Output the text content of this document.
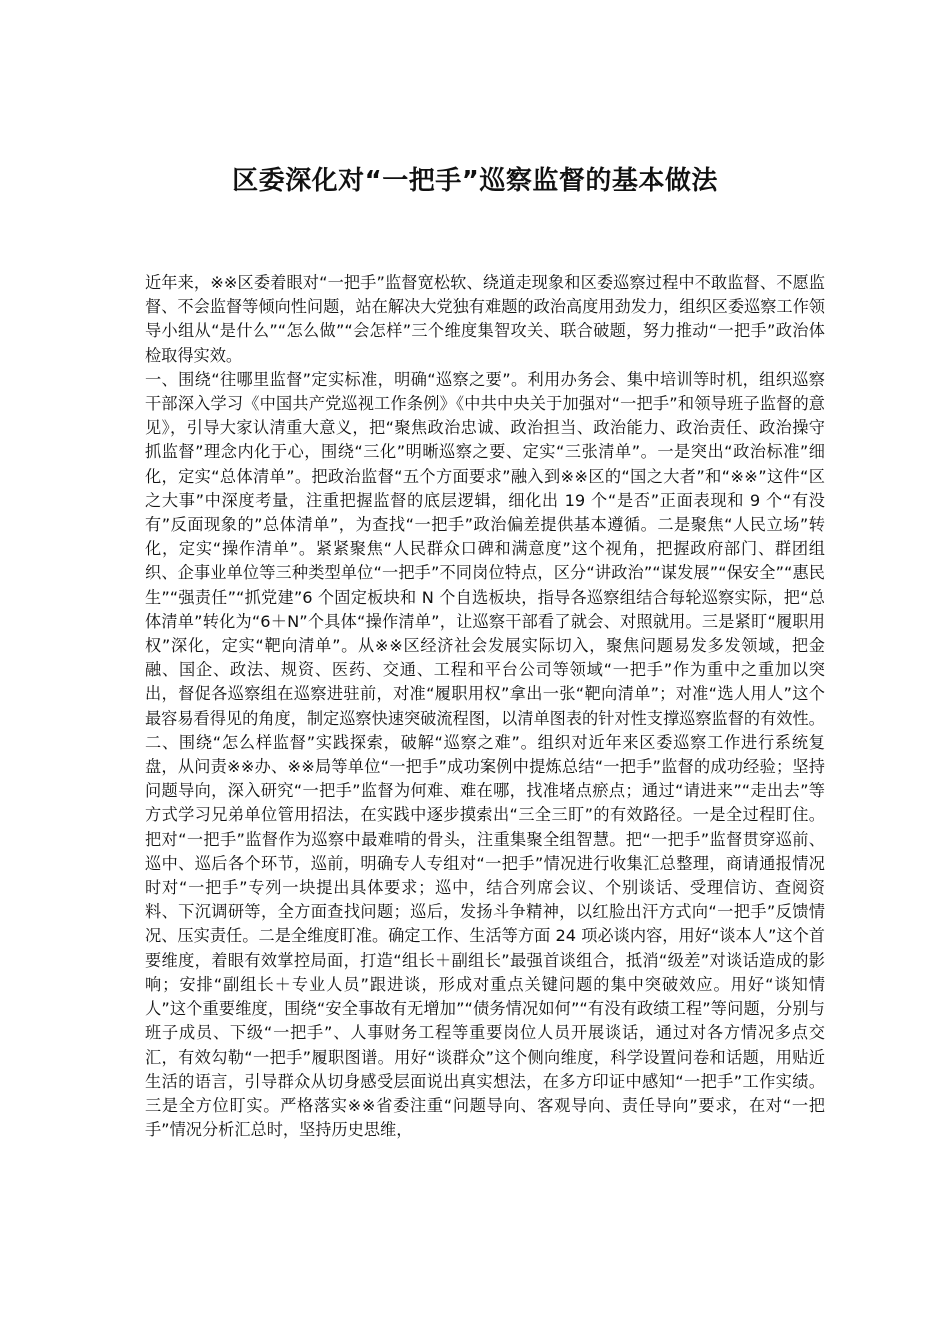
区委深化对“一把手”巡察监督的基本做法

近年来，※※区委着眼对“一把手”监督宽松软、绕道走现象和区委巡察过程中不敢监督、不愿监督、不会监督等倾向性问题，站在解决大党独有难题的政治高度用劲发力，组织区委巡察工作领导小组从“是什么”“怎么做”“会怎样”三个维度集智攻关、联合破题，努力推动“一把手”政治体检取得实效。

一、围绕“往哪里监督”定实标准，明确“巡察之要”。利用办务会、集中培训等时机，组织巡察干部深入学习《中国共产党巡视工作条例》《中共中央关于加强对“一把手”和领导班子监督的意见》，引导大家认清重大意义，把“聚焦政治忠诚、政治担当、政治能力、政治责任、政治操守抓监督”理念内化于心，围绕“三化”明晰巡察之要、定实“三张清单”。一是突出“政治标准”细化，定实“总体清单”。把政治监督“五个方面要求”融入到※※区的“国之大者”和“※※”这件“区之大事”中深度考量，注重把握监督的底层逻辑，细化出 19 个“是否”正面表现和 9 个“有没有”反面现象的”总体清单”，为查找“一把手”政治偏差提供基本遵循。二是聚焦“人民立场”转化，定实“操作清单”。紧紧聚焦“人民群众口碑和满意度”这个视角，把握政府部门、群团组织、企事业单位等三种类型单位“一把手”不同岗位特点，区分“讲政治”“谋发展”“保安全”“惠民生”“强责任”“抓党建”6 个固定板块和 N 个自选板块，指导各巡察组结合每轮巡察实际，把“总体清单”转化为“6＋N”个具体“操作清单”，让巡察干部看了就会、对照就用。三是紧盯“履职用权”深化，定实“靶向清单”。从※※区经济社会发展实际切入，聚焦问题易发多发领域，把金融、国企、政法、规资、医药、交通、工程和平台公司等领域“一把手”作为重中之重加以突出，督促各巡察组在巡察进驻前，对准“履职用权”拿出一张“靶向清单”；对准“选人用人”这个最容易看得见的角度，制定巡察快速突破流程图，以清单图表的针对性支撑巡察监督的有效性。

二、围绕“怎么样监督”实践探索，破解“巡察之难”。组织对近年来区委巡察工作进行系统复盘，从问责※※办、※※局等单位“一把手”成功案例中提炼总结“一把手”监督的成功经验；坚持问题导向，深入研究“一把手”监督为何难、难在哪，找准堵点瘀点；通过“请进来”“走出去”等方式学习兄弟单位管用招法，在实践中逐步摸索出“三全三盯”的有效路径。一是全过程盯住。把对“一把手”监督作为巡察中最难啃的骨头，注重集聚全组智慧。把“一把手”监督贯穿巡前、巡中、巡后各个环节，巡前，明确专人专组对“一把手”情况进行收集汇总整理，商请通报情况时对“一把手”专列一块提出具体要求；巡中，结合列席会议、个别谈话、受理信访、查阅资料、下沉调研等，全方面查找问题；巡后，发扬斗争精神，以红脸出汗方式向“一把手”反馈情况、压实责任。二是全维度盯准。确定工作、生活等方面 24 项必谈内容，用好“谈本人”这个首要维度，着眼有效掌控局面，打造“组长＋副组长”最强首谈组合，抵消“级差”对谈话造成的影响；安排“副组长＋专业人员”跟进谈，形成对重点关键问题的集中突破效应。用好“谈知情人”这个重要维度，围绕“安全事故有无增加”“债务情况如何”“有没有政绩工程”等问题，分别与班子成员、下级“一把手”、人事财务工程等重要岗位人员开展谈话，通过对各方情况多点交汇，有效勾勒“一把手”履职图谱。用好“谈群众”这个侧向维度，科学设置问卷和话题，用贴近生活的语言，引导群众从切身感受层面说出真实想法，在多方印证中感知“一把手”工作实绩。三是全方位盯实。严格落实※※省委注重“问题导向、客观导向、责任导向”要求，在对“一把手”情况分析汇总时，坚持历史思维，
